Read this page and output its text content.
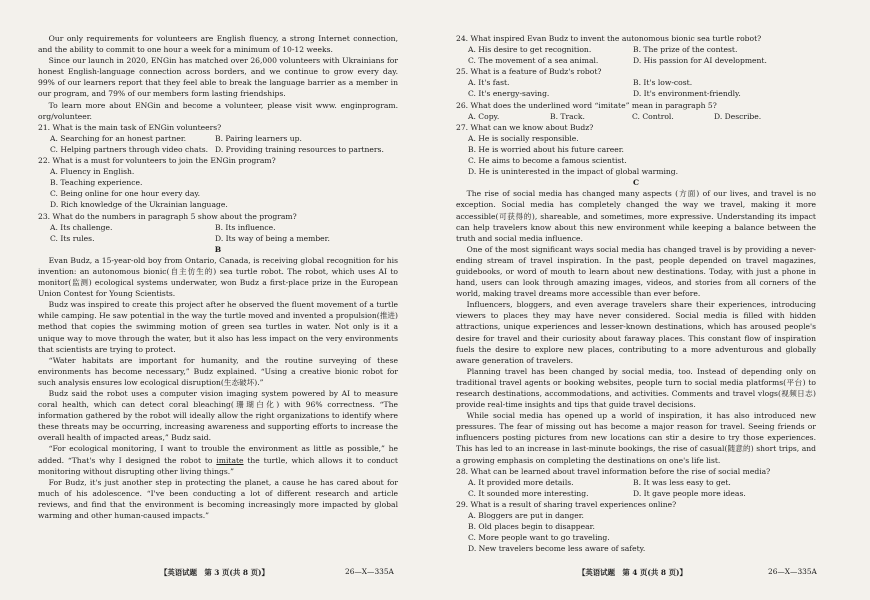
Our only requirements for volunteers are English fluency, a strong Internet connection, and the ability to commit to one hour a week for a minimum of 10-12 weeks.

Since our launch in 2020, ENGin has matched over 26,000 volunteers with Ukrainians for honest English-language connection across borders, and we continue to grow every day. 99% of our learners report that they feel able to break the language barrier as a member in our program, and 79% of our members form lasting friendships.

To learn more about ENGin and become a volunteer, please visit www. enginprogram. org/volunteer.

21. What is the main task of ENGin volunteers?

A. Searching for an honest partner.	B. Pairing learners up.
C. Helping partners through video chats. D. Providing training resources to partners.

22. What is a must for volunteers to join the ENGin program?

A. Fluency in English.
B. Teaching experience.
C. Being online for one hour every day.
D. Rich knowledge of the Ukrainian language.

23. What do the numbers in paragraph 5 show about the program?

A. Its challenge.	B. Its influence.
C. Its rules.	D. Its way of being a member.

B

Evan Budz, a 15-year-old boy from Ontario, Canada, is receiving global recognition for his invention: an autonomous bionic(自主仿生的) sea turtle robot. The robot, which uses AI to monitor(监测) ecological systems underwater, won Budz a first-place prize in the European Union Contest for Young Scientists.

Budz was inspired to create this project after he observed the fluent movement of a turtle while camping. He saw potential in the way the turtle moved and invented a propulsion(推进) method that copies the swimming motion of green sea turtles in water. Not only is it a unique way to move through the water, but it also has less impact on the very environments that scientists are trying to protect.

“Water habitats are important for humanity, and the routine surveying of these environments has become necessary,” Budz explained. “Using a creative bionic robot for such analysis ensures low ecological disruption(生态破坏).”

Budz said the robot uses a computer vision imaging system powered by AI to measure coral health, which can detect coral bleaching(珊瑚白化) with 96% correctness. “The information gathered by the robot will ideally allow the right organizations to identify where these threats may be occurring, increasing awareness and supporting efforts to increase the overall health of impacted areas,” Budz said.

“For ecological monitoring, I want to trouble the environment as little as possible,” he added. “That's why I designed the robot to imitate the turtle, which allows it to conduct monitoring without disrupting other living things.”

For Budz, it's just another step in protecting the planet, a cause he has cared about for much of his adolescence. “I've been conducting a lot of different research and article reviews, and find that the environment is becoming increasingly more impacted by global warming and other human-caused impacts.”

【英语试题　第 3 页(共 8 页)】	26—X—335A

24. What inspired Evan Budz to invent the autonomous bionic sea turtle robot?

A. His desire to get recognition.	B. The prize of the contest.
C. The movement of a sea animal.	D. His passion for AI development.

25. What is a feature of Budz's robot?

A. It's fast.	B. It's low-cost.
C. It's energy-saving.	D. It's environment-friendly.

26. What does the underlined word “imitate” mean in paragraph 5?

A. Copy.	B. Track.	C. Control.	D. Describe.

27. What can we know about Budz?

A. He is socially responsible.
B. He is worried about his future career.
C. He aims to become a famous scientist.
D. He is uninterested in the impact of global warming.

C

The rise of social media has changed many aspects (方面) of our lives, and travel is no exception. Social media has completely changed the way we travel, making it more accessible(可获得的), shareable, and sometimes, more expressive. Understanding its impact can help travelers know about this new environment while keeping a balance between the truth and social media influence.

One of the most significant ways social media has changed travel is by providing a never-ending stream of travel inspiration. In the past, people depended on travel magazines, guidebooks, or word of mouth to learn about new destinations. Today, with just a phone in hand, users can look through amazing images, videos, and stories from all corners of the world, making travel dreams more accessible than ever before.

Influencers, bloggers, and even average travelers share their experiences, introducing viewers to places they may have never considered. Social media is filled with hidden attractions, unique experiences and lesser-known destinations, which has aroused people's desire for travel and their curiosity about faraway places. This constant flow of inspiration fuels the desire to explore new places, contributing to a more adventurous and globally aware generation of travelers.

Planning travel has been changed by social media, too. Instead of depending only on traditional travel agents or booking websites, people turn to social media platforms(平台) to research destinations, accommodations, and activities. Comments and travel vlogs(视频日志) provide real-time insights and tips that guide travel decisions.

While social media has opened up a world of inspiration, it has also introduced new pressures. The fear of missing out has become a major reason for travel. Seeing friends or influencers posting pictures from new locations can stir a desire to try those experiences. This has led to an increase in last-minute bookings, the rise of casual(随意的) short trips, and a growing emphasis on completing the destinations on one's life list.

28. What can be learned about travel information before the rise of social media?

A. It provided more details.	B. It was less easy to get.
C. It sounded more interesting.	D. It gave people more ideas.

29. What is a result of sharing travel experiences online?

A. Bloggers are put in danger.
B. Old places begin to disappear.
C. More people want to go traveling.
D. New travelers become less aware of safety.
【英语试题　第 4 页(共 8 页)】	26—X—335A
